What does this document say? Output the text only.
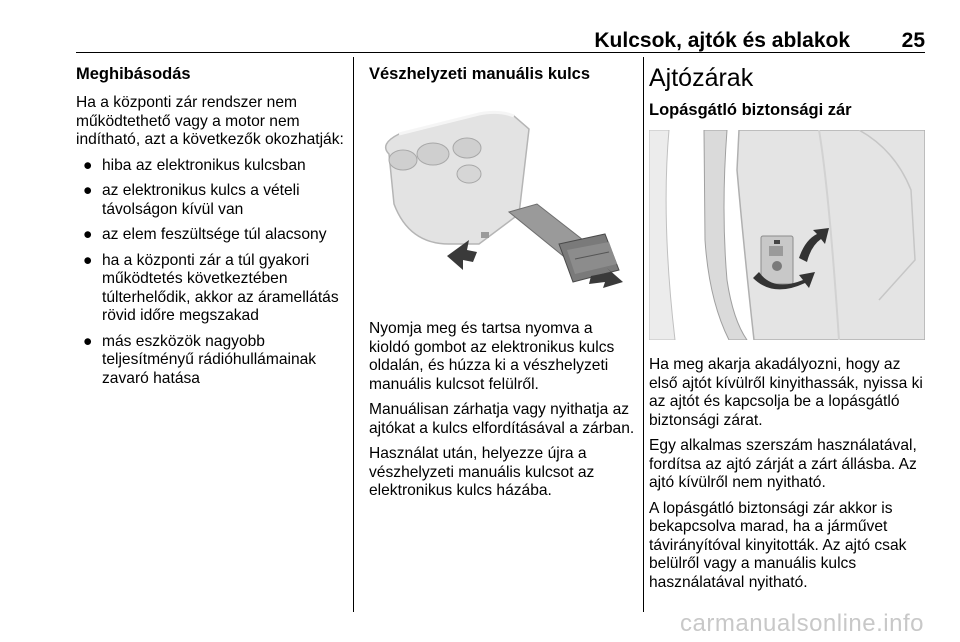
Kulcsok, ajtók és ablakok 25
Meghibásodás

Ha a központi zár rendszer nem működtethető vagy a motor nem indítható, azt a következők okozhatják:

● hiba az elektronikus kulcsban
● az elektronikus kulcs a vételi távolságon kívül van
● az elem feszültsége túl alacsony
● ha a központi zár a túl gyakori működtetés következtében túlterhelődik, akkor az áramellátás rövid időre megszakad
● más eszközök nagyobb teljesítményű rádióhullámainak zavaró hatása
Vészhelyzeti manuális kulcs

Nyomja meg és tartsa nyomva a kioldó gombot az elektronikus kulcs oldalán, és húzza ki a vészhelyzeti manuális kulcsot felülről.

Manuálisan zárhatja vagy nyithatja az ajtókat a kulcs elfordításával a zárban.

Használat után, helyezze újra a vészhelyzeti manuális kulcsot az elektronikus kulcs házába.

Ajtózárak
Lopásgátló biztonsági zár

Ha meg akarja akadályozni, hogy az első ajtót kívülről kinyithassák, nyissa ki az ajtót és kapcsolja be a lopásgátló biztonsági zárat.

Egy alkalmas szerszám használatával, fordítsa az ajtó zárját a zárt állásba. Az ajtó kívülről nem nyitható.

A lopásgátló biztonsági zár akkor is bekapcsolva marad, ha a járművet távirányítóval kinyitották. Az ajtó csak belülről vagy a manuális kulcs használatával nyitható.

carmanualsonline.info
